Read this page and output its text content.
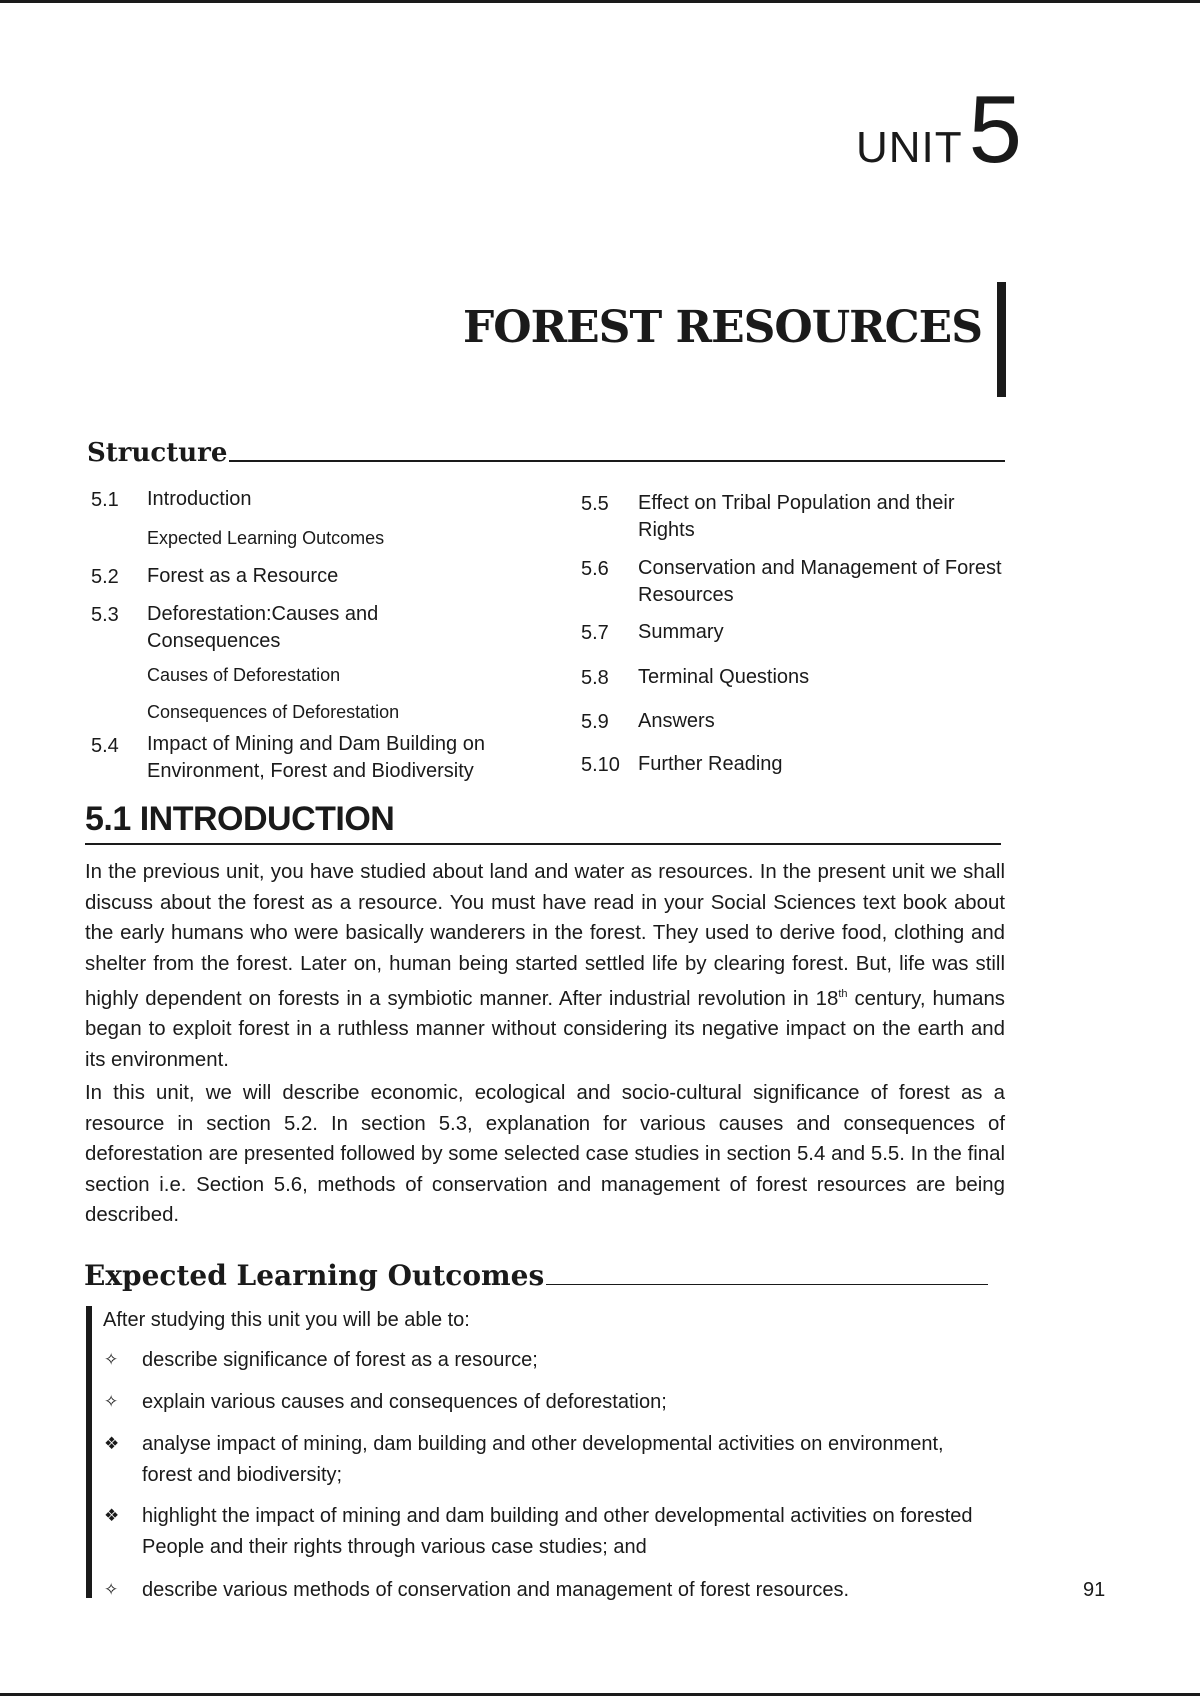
UNIT5
FOREST RESOURCES
Structure
5.1 Introduction
Expected Learning Outcomes
5.2 Forest as a Resource
5.3 Deforestation:Causes and Consequences
Causes of Deforestation
Consequences of Deforestation
5.4 Impact of Mining and Dam Building on Environment, Forest and Biodiversity
5.5 Effect on Tribal Population and their Rights
5.6 Conservation and Management of Forest Resources
5.7 Summary
5.8 Terminal Questions
5.9 Answers
5.10 Further Reading
5.1 INTRODUCTION

In the previous unit, you have studied about land and water as resources. In the present unit we shall discuss about the forest as a resource. You must have read in your Social Sciences text book about the early humans who were basically wanderers in the forest. They used to derive food, clothing and shelter from the forest. Later on, human being started settled life by clearing forest. But, life was still highly dependent on forests in a symbiotic manner. After industrial revolution in 18th century, humans began to exploit forest in a ruthless manner without considering its negative impact on the earth and its environment.

In this unit, we will describe economic, ecological and socio-cultural significance of forest as a resource in section 5.2. In section 5.3, explanation for various causes and consequences of deforestation are presented followed by some selected case studies in section 5.4 and 5.5. In the final section i.e. Section 5.6, methods of conservation and management of forest resources are being described.

Expected Learning Outcomes
After studying this unit you will be able to:
✧ describe significance of forest as a resource;

✧ explain various causes and consequences of deforestation;

❖ analyse impact of mining, dam building and other developmental activities on environment, forest and biodiversity;

❖ highlight the impact of mining and dam building and other developmental activities on forested People and their rights through various case studies; and

✧ describe various methods of conservation and management of forest resources.	91
